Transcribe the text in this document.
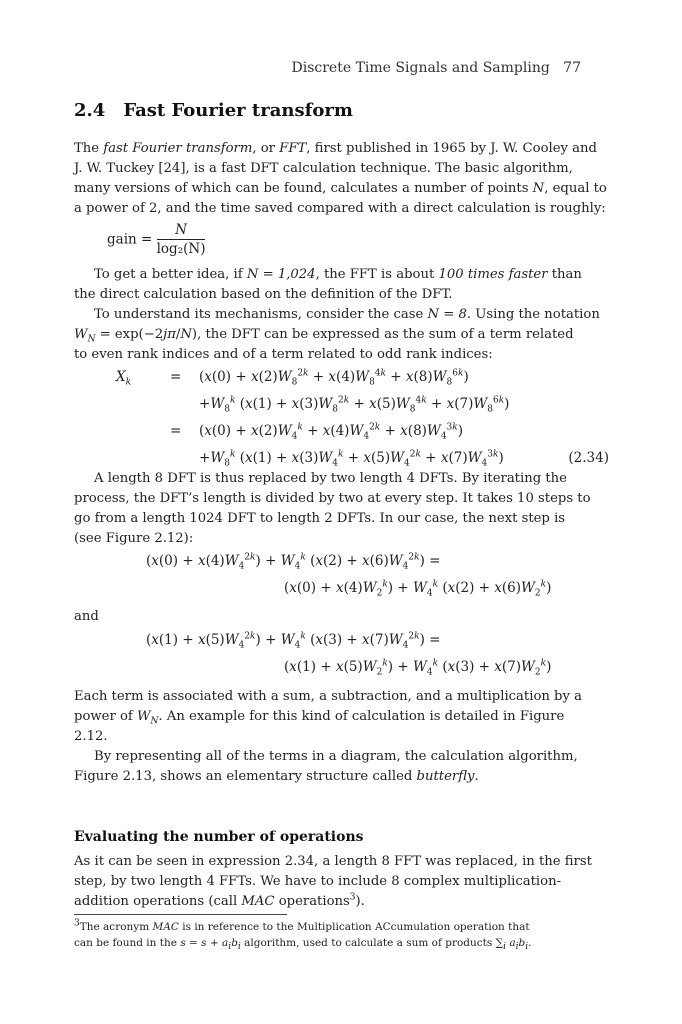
Discrete Time Signals and Sampling 77
2.4 Fast Fourier transform
The fast Fourier transform, or FFT, first published in 1965 by J. W. Cooley and
J. W. Tuckey [24], is a fast DFT calculation technique. The basic algorithm,
many versions of which can be found, calculates a number of points N, equal to
a power of 2, and the time saved compared with a direct calculation is roughly:
gain = $\frac{N}{\text{log₂(N)}}$
To get a better idea, if N = 1,024, the FFT is about 100 times faster than
the direct calculation based on the definition of the DFT.
To understand its mechanisms, consider the case N = 8. Using the notation
$W_N = \exp(-2j\pi/N)$, the DFT can be expressed as the sum of a term related
to even rank indices and of a term related to odd rank indices:
$X_k$	= $(x(0) + x(2)W_8^{2k} + x(4)W_8^{4k} + x(8)W_8^{6k})$
$+W_8^k$ $(x(1) + x(3)W_8^{2k} + x(5)W_8^{4k} + x(7)W_8^{6k})$
= $(x(0) + x(2)W_4^k + x(4)W_4^{2k} + x(8)W_4^{3k})$
$+W_8^k$ $(x(1) + x(3)W_4^k + x(5)W_4^{2k} + x(7)W_4^{3k})$	(2.34)
A length 8 DFT is thus replaced by two length 4 DFTs. By iterating the
process, the DFT’s length is divided by two at every step. It takes 10 steps to
go from a length 1024 DFT to length 2 DFTs. In our case, the next step is
(see Figure 2.12):
$(x(0) + x(4)W_4^{2k}) + W_4^k$ $(x(2) + x(6)W_4^{2k})$ =
$(x(0) + x(4)W_2^k) + W_4^k$ $(x(2) + x(6)W_2^k)$
and
$(x(1) + x(5)W_4^{2k}) + W_4^k$ $(x(3) + x(7)W_4^{2k})$ =
$(x(1) + x(5)W_2^k) + W_4^k$ $(x(3) + x(7)W_2^k)$
Each term is associated with a sum, a subtraction, and a multiplication by a
power of $W_N$. An example for this kind of calculation is detailed in Figure
2.12.
By representing all of the terms in a diagram, the calculation algorithm,
Figure 2.13, shows an elementary structure called butterfly.
Evaluating the number of operations
As it can be seen in expression 2.34, a length 8 FFT was replaced, in the first
step, by two length 4 FFTs. We have to include 8 complex multiplication-
addition operations (call MAC operations$^3$).
$^3$The acronym MAC is in reference to the Multiplication ACcumulation operation that
can be found in the $s = s + a_ib_i$ algorithm, used to calculate a sum of products $\sum_i$ $a_ib_i$.
